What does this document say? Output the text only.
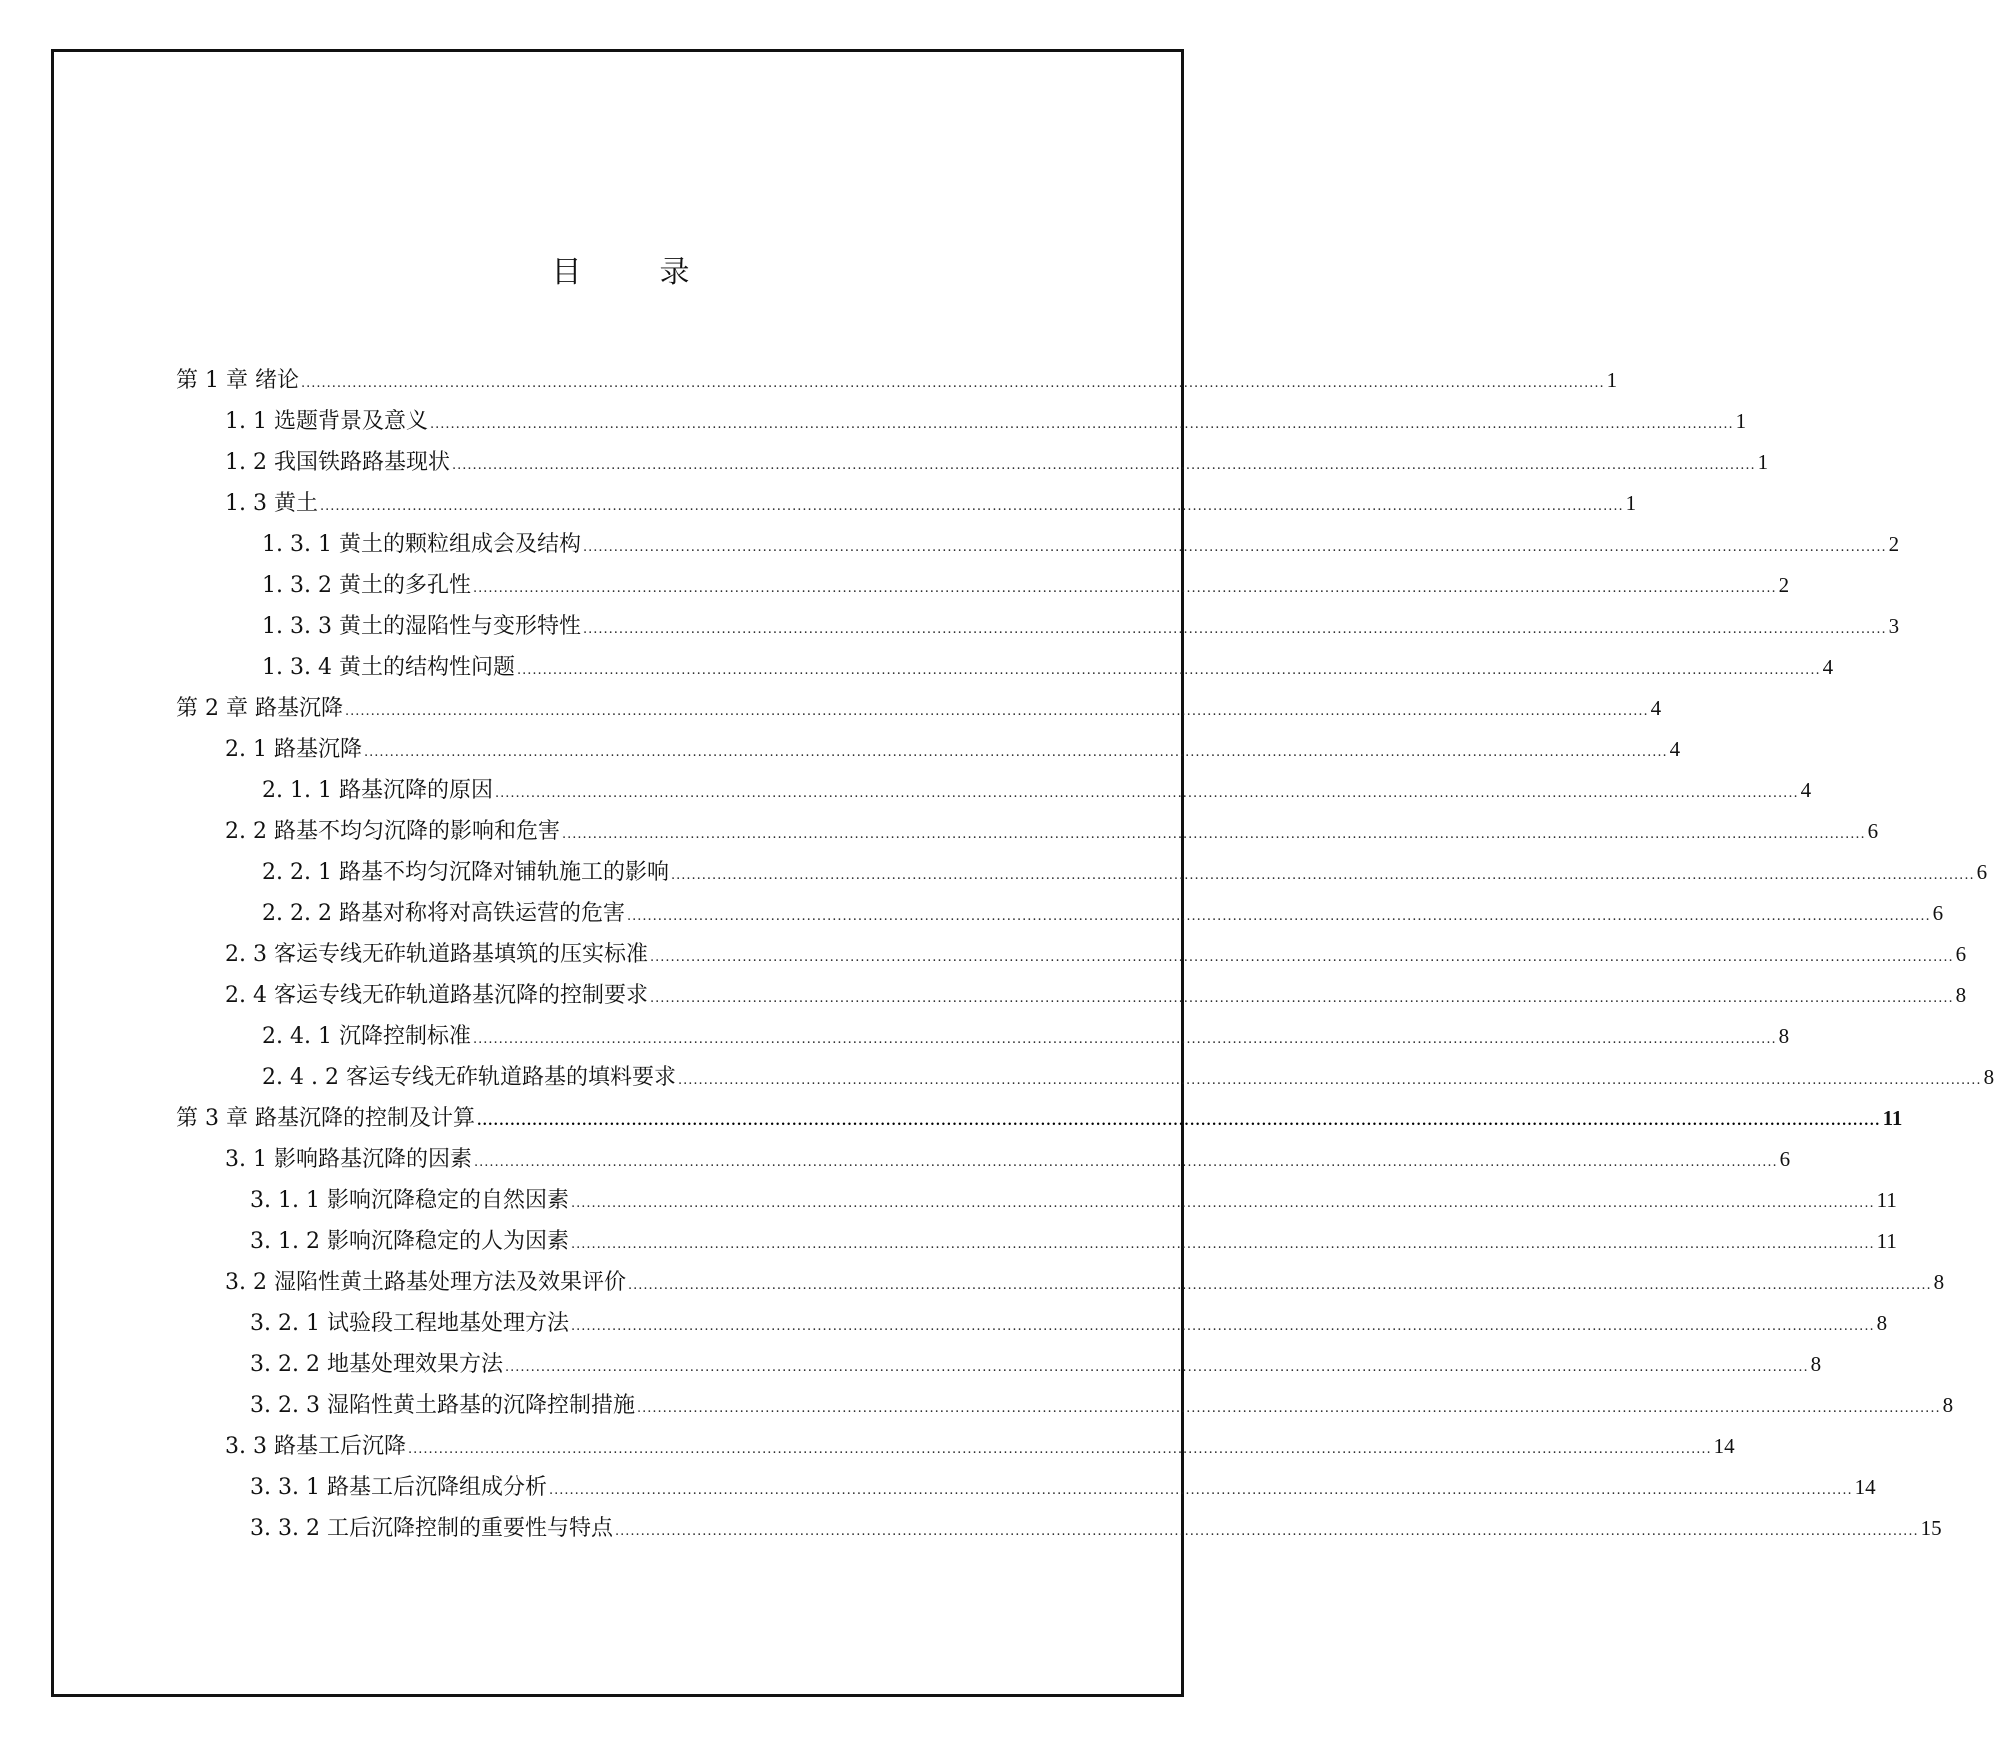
目　录
第 1 章 绪论 .............................................................................................................................................................................................................................................................. 1
1. 1 选题背景及意义 .............................................................................................................................................................................................................................................................. 1
1. 2 我国铁路路基现状 .............................................................................................................................................................................................................................................................. 1
1. 3 黄土 .............................................................................................................................................................................................................................................................. 1
1. 3. 1 黄土的颗粒组成会及结构 .............................................................................................................................................................................................................................................................. 2
1. 3. 2 黄土的多孔性 .............................................................................................................................................................................................................................................................. 2
1. 3. 3 黄土的湿陷性与变形特性 .............................................................................................................................................................................................................................................................. 3
1. 3. 4 黄土的结构性问题 .............................................................................................................................................................................................................................................................. 4
第 2 章 路基沉降 .............................................................................................................................................................................................................................................................. 4
2. 1 路基沉降 .............................................................................................................................................................................................................................................................. 4
2. 1. 1 路基沉降的原因 .............................................................................................................................................................................................................................................................. 4
2. 2 路基不均匀沉降的影响和危害 .............................................................................................................................................................................................................................................................. 6
2. 2. 1 路基不均匀沉降对铺轨施工的影响 .............................................................................................................................................................................................................................................................. 6
2. 2. 2 路基对称将对高铁运营的危害 .............................................................................................................................................................................................................................................................. 6
2. 3 客运专线无砟轨道路基填筑的压实标准 .............................................................................................................................................................................................................................................................. 6
2. 4 客运专线无砟轨道路基沉降的控制要求 .............................................................................................................................................................................................................................................................. 8
2. 4. 1 沉降控制标准 .............................................................................................................................................................................................................................................................. 8
2. 4 . 2 客运专线无砟轨道路基的填料要求 .............................................................................................................................................................................................................................................................. 8
第 3 章 路基沉降的控制及计算 .............................................................................................................................................................................................................................................................. 11
3. 1 影响路基沉降的因素 .............................................................................................................................................................................................................................................................. 6
3. 1. 1 影响沉降稳定的自然因素 .............................................................................................................................................................................................................................................................. 11
3. 1. 2 影响沉降稳定的人为因素 .............................................................................................................................................................................................................................................................. 11
3. 2 湿陷性黄土路基处理方法及效果评价 .............................................................................................................................................................................................................................................................. 8
3. 2. 1 试验段工程地基处理方法 .............................................................................................................................................................................................................................................................. 8
3. 2. 2 地基处理效果方法 .............................................................................................................................................................................................................................................................. 8
3. 2. 3 湿陷性黄土路基的沉降控制措施 .............................................................................................................................................................................................................................................................. 8
3. 3 路基工后沉降 .............................................................................................................................................................................................................................................................. 14
3. 3. 1 路基工后沉降组成分析 .............................................................................................................................................................................................................................................................. 14
3. 3. 2 工后沉降控制的重要性与特点 .............................................................................................................................................................................................................................................................. 15
